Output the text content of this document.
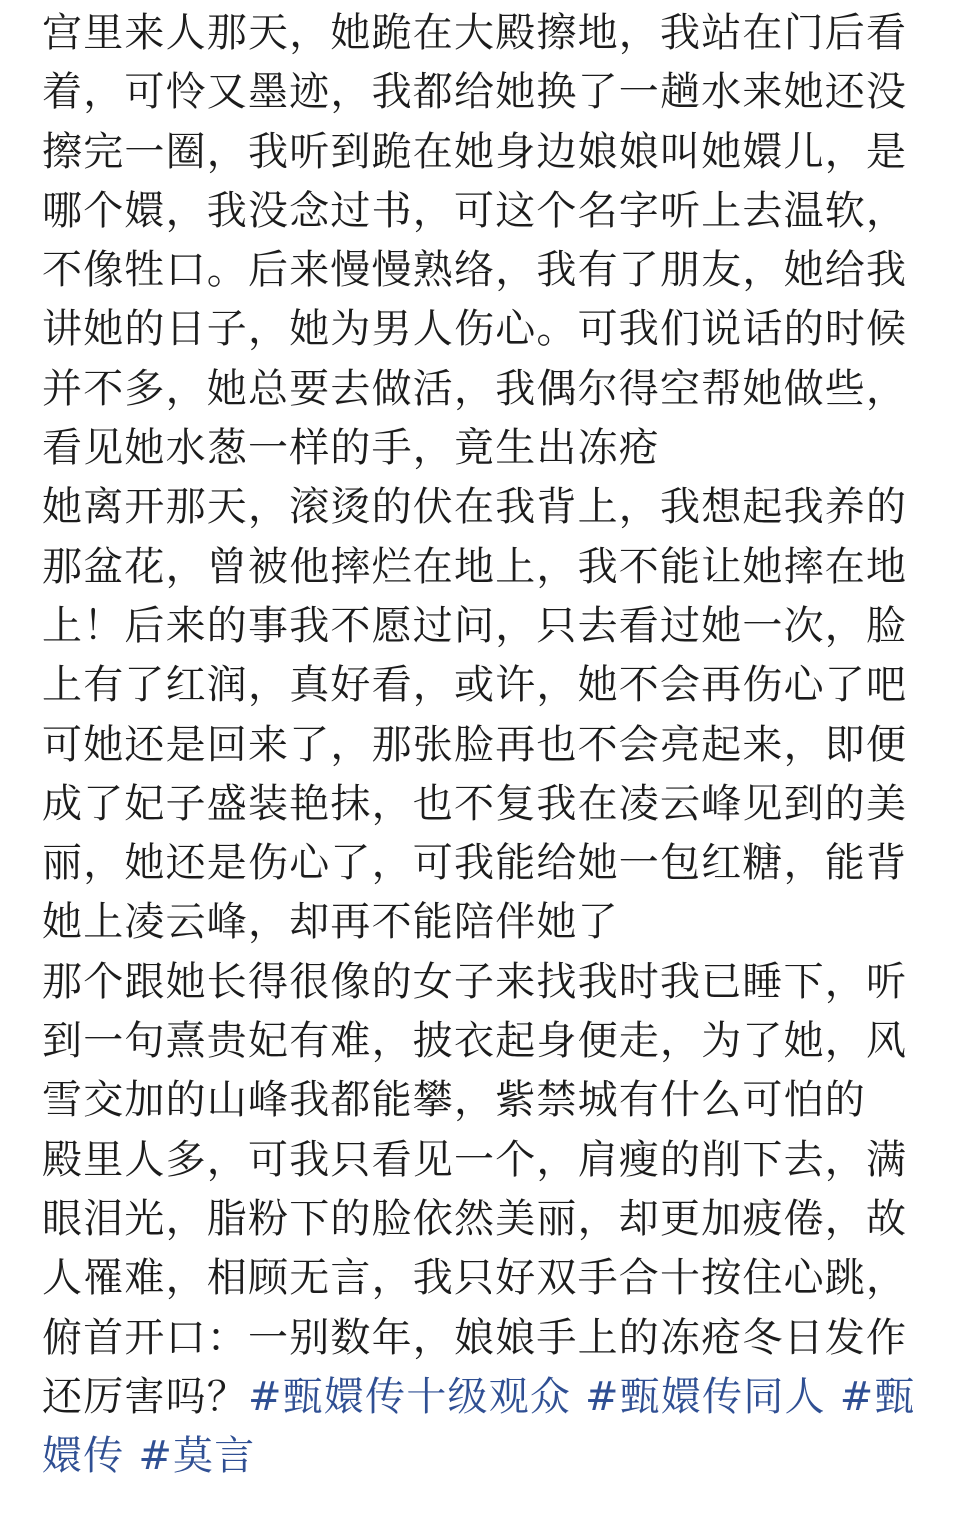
宫里来人那天，她跪在大殿擦地，我站在门后看
着，可怜又墨迹，我都给她换了一趟水来她还没
擦完一圈，我听到跪在她身边娘娘叫她嬛儿，是
哪个嬛，我没念过书，可这个名字听上去温软，
不像牲口。后来慢慢熟络，我有了朋友，她给我
讲她的日子，她为男人伤心。可我们说话的时候
并不多，她总要去做活，我偶尔得空帮她做些，
看见她水葱一样的手，竟生出冻疮
她离开那天，滚烫的伏在我背上，我想起我养的
那盆花，曾被他摔烂在地上，我不能让她摔在地
上！后来的事我不愿过问，只去看过她一次，脸
上有了红润，真好看，或许，她不会再伤心了吧
可她还是回来了，那张脸再也不会亮起来，即便
成了妃子盛装艳抹，也不复我在凌云峰见到的美
丽，她还是伤心了，可我能给她一包红糖，能背
她上凌云峰，却再不能陪伴她了
那个跟她长得很像的女子来找我时我已睡下，听
到一句熹贵妃有难，披衣起身便走，为了她，风
雪交加的山峰我都能攀，紫禁城有什么可怕的
殿里人多，可我只看见一个，肩瘦的削下去，满
眼泪光，脂粉下的脸依然美丽，却更加疲倦，故
人罹难，相顾无言，我只好双手合十按住心跳，
俯首开口：一别数年，娘娘手上的冻疮冬日发作
还厉害吗？#甄嬛传十级观众 #甄嬛传同人 #甄
嬛传 #莫言
